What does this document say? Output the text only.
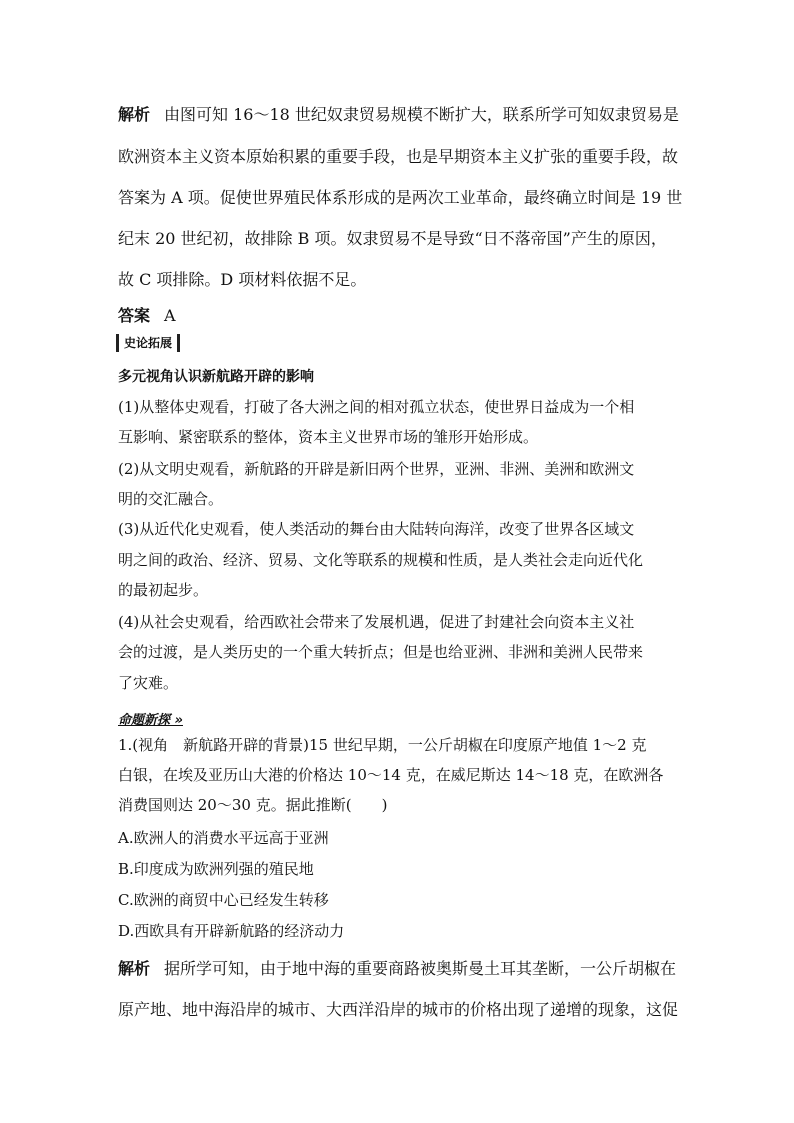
解析 由图可知 16～18 世纪奴隶贸易规模不断扩大，联系所学可知奴隶贸易是
欧洲资本主义资本原始积累的重要手段，也是早期资本主义扩张的重要手段，故
答案为 A 项。促使世界殖民体系形成的是两次工业革命，最终确立时间是 19 世
纪末 20 世纪初，故排除 B 项。奴隶贸易不是导致“日不落帝国”产生的原因，
故 C 项排除。D 项材料依据不足。
答案 A
史论拓展
多元视角认识新航路开辟的影响
(1)从整体史观看，打破了各大洲之间的相对孤立状态，使世界日益成为一个相
互影响、紧密联系的整体，资本主义世界市场的雏形开始形成。
(2)从文明史观看，新航路的开辟是新旧两个世界，亚洲、非洲、美洲和欧洲文
明的交汇融合。
(3)从近代化史观看，使人类活动的舞台由大陆转向海洋，改变了世界各区域文
明之间的政治、经济、贸易、文化等联系的规模和性质，是人类社会走向近代化
的最初起步。
(4)从社会史观看，给西欧社会带来了发展机遇，促进了封建社会向资本主义社
会的过渡，是人类历史的一个重大转折点；但是也给亚洲、非洲和美洲人民带来
了灾难。
命题新探 »
1.(视角　新航路开辟的背景)15 世纪早期，一公斤胡椒在印度原产地值 1～2 克
白银，在埃及亚历山大港的价格达 10～14 克，在威尼斯达 14～18 克，在欧洲各
消费国则达 20～30 克。据此推断(　　)
A.欧洲人的消费水平远高于亚洲
B.印度成为欧洲列强的殖民地
C.欧洲的商贸中心已经发生转移
D.西欧具有开辟新航路的经济动力
解析 据所学可知，由于地中海的重要商路被奥斯曼土耳其垄断，一公斤胡椒在
原产地、地中海沿岸的城市、大西洋沿岸的城市的价格出现了递增的现象，这促
